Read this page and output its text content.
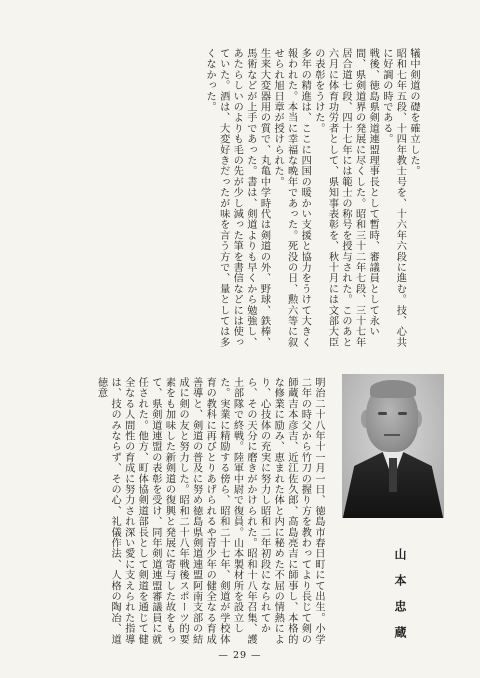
犠中剣道の礎を確立した。
昭和七年五段、十四年教士号を、十六年六段に進む。技、心共に好調の時である。
戦後、徳島県剣道連盟理事長として暫時、審議員として永い間、県剣道界の発展に尽くした。昭和三十二年七段、三十七年居合道七段、四十七年には範士の称号を授与された。このあと六月に体育功労者として、県知事表彰を、秋十月には文部大臣の表彰をうけた。
多年の精進は、ここに四国の暖かい支援と協力をうけて大きく報われた。本当に幸福な晩年であった。死没の日、勲六等に叙せられ旭日章が授けられた。
生来大変器用の質で、丸亀中学時代は剣道の外、野球、鉄棒、馬術などが上手であった。書は、剣道よりも早くから勉強し、あたらしいのよりも毛の先が少し減った筆を書信などには使っていた。酒は、大変好きだったが味を言う方で、量としては多くなかった。
山本忠蔵
明治二十八年十一月一日、徳島市春日町にて出生。小学二年の時父から竹刀の握り方を教わってより長じて剣の師蔵吉本彦吉、近江佐久郎、高島亮吉に師事し、本格的な修業に励み、恵まれた体と内に秘めた不屈の情熱により、心技体の充実に努力し昭和二年初段になられてから、その天分に磨きがかけられた。昭和十八年召集、護土部隊で終戦。陸軍中尉で復員。山本製材所を設立した。実業に精励する傍ら、昭和二十七年、剣道が学校体育の教科に再びとりあげられるや青少年の健全なる育成善導と、剣道の普及に努め徳島県剣道連盟阿南支部の結成に剣の友と努力した。昭和二十八年戦後スポーツ的要素をも加味した新剣道の復興と発展に寄与した故をもって、県剣道連盟の表彰を受け、同年剣道連盟審議員に就任された。他方、町体協剣道部長として剣道を通じて健全なる人間性の育成に努力され深い愛に支えられた指導は、技のみならず、その心、礼儀作法、人格の陶冶、道徳意
— 29 —
